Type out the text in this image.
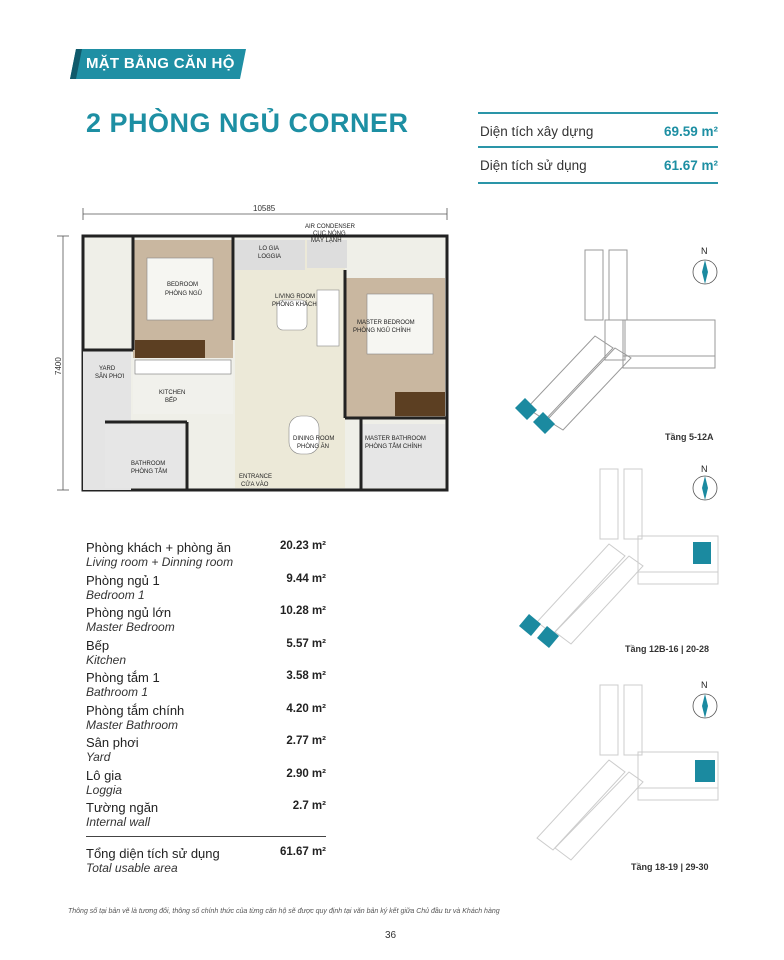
MẶT BẰNG CĂN HỘ
2 PHÒNG NGỦ CORNER	Diện tích xây dựng	69.59 m²
Diện tích sử dụng	61.67 m²
10585
7400
AIR CONDENSER
CỤC NÓNG
MÁY LẠNH
LO GIA
LOGGIA
BEDROOM
PHÒNG NGỦ	LIVING ROOM
PHÒNG KHÁCH
MASTER BEDROOM
PHÒNG NGỦ CHÍNH
YARD
SÂN PHƠI
KITCHEN
BẾP
DINING ROOM
PHÒNG ĂN
MASTER BATHROOM
PHÒNG TẮM CHÍNH
BATHROOM
PHÒNG TẮM
ENTRANCE
CỬA VÀO
Phòng khách + phòng ăn
Living room + Dinning room
20.23 m²
Phòng ngủ 1
Bedroom 1
9.44 m²
Phòng ngủ lớn
Master Bedroom
10.28 m²
Bếp
Kitchen
5.57 m²
Phòng tắm 1
Bathroom 1
3.58 m²
Phòng tắm chính
Master Bathroom
4.20 m²
Sân phơi
Yard
2.77 m²
Lô gia
Loggia
2.90 m²
Tường ngăn
Internal wall
2.7 m²
Tổng diện tích sử dụng
Total usable area
61.67 m²
N
Tầng 5-12A
N
Tầng 12B-16 | 20-28
N
Tầng 18-19 | 29-30
Thông số tại bản vẽ là tương đối, thông số chính thức của từng căn hộ sẽ được quy định tại văn bản ký kết giữa Chủ đầu tư và Khách hàng
36
